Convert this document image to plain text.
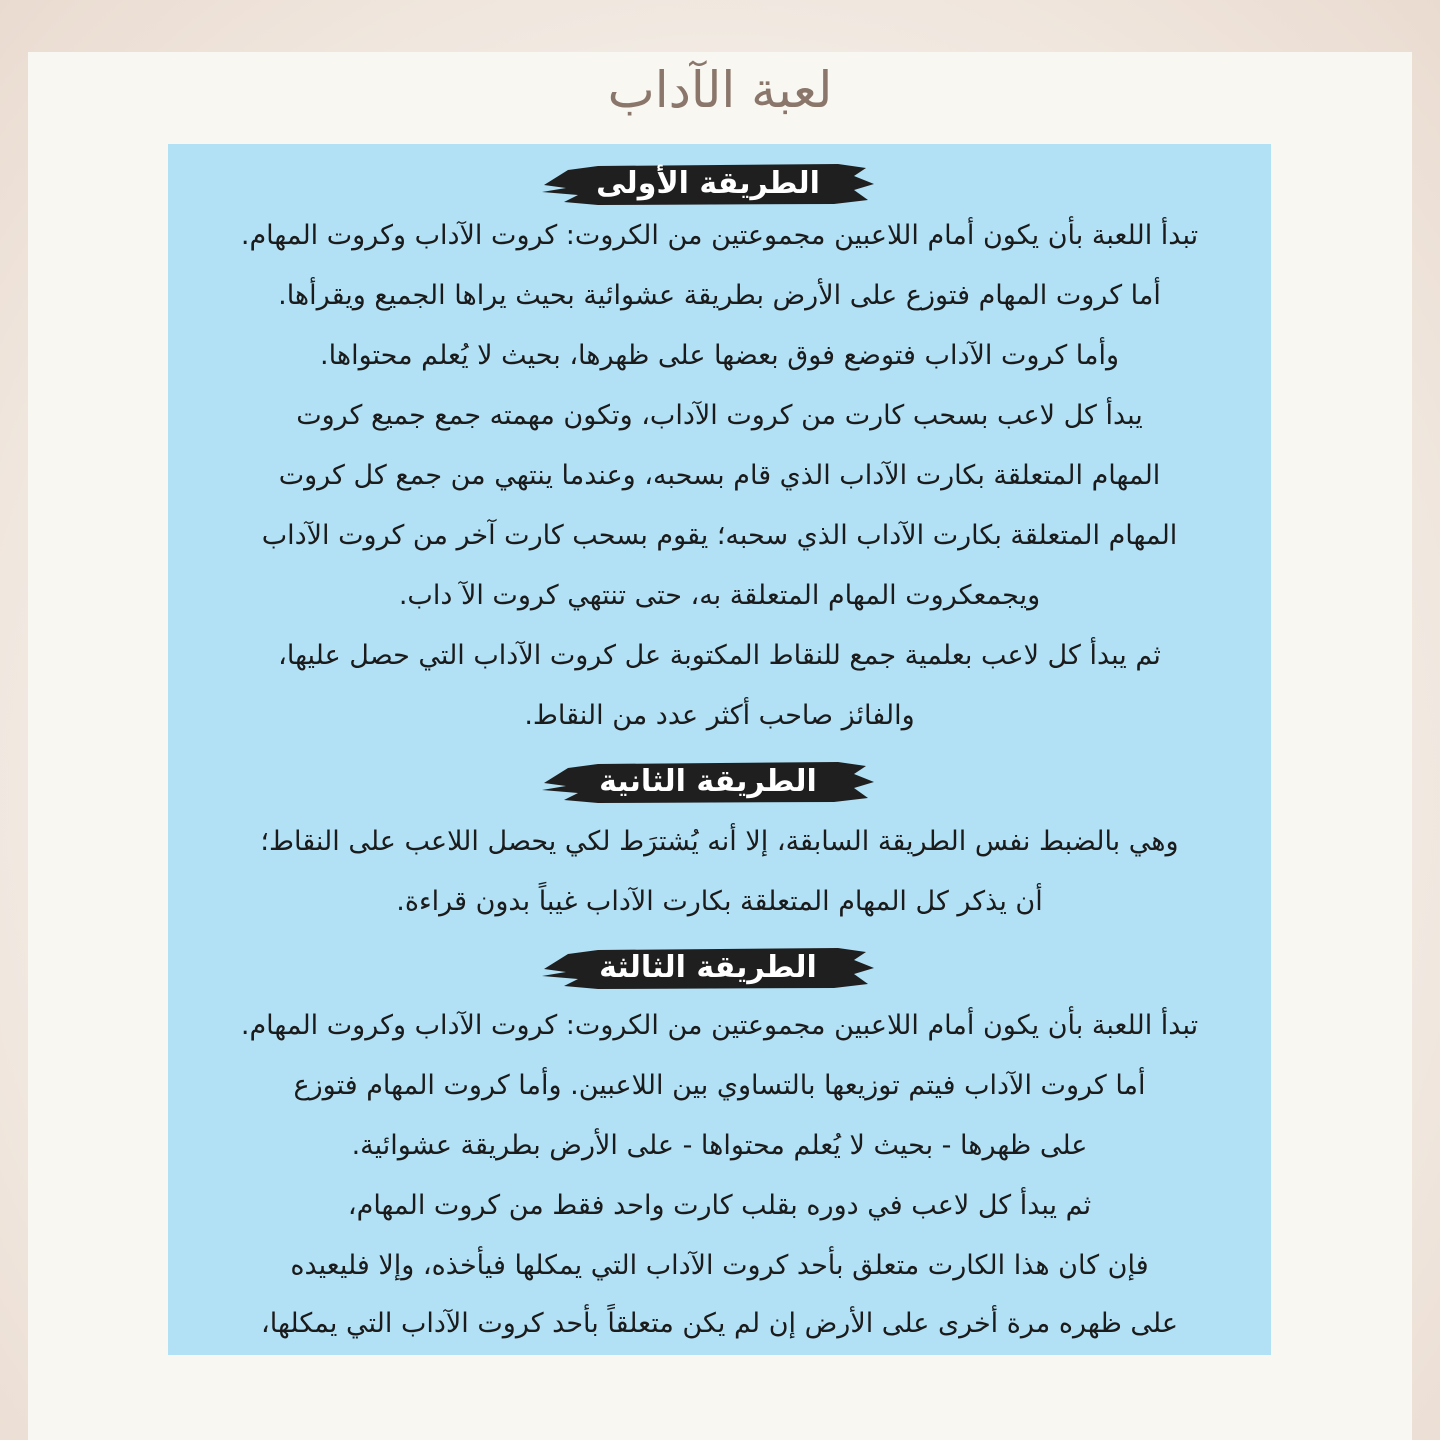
لعبة الآداب
الطريقة الأولى
تبدأ اللعبة بأن يكون أمام اللاعبين مجموعتين من الكروت: كروت الآداب وكروت المهام.
أما كروت المهام فتوزع على الأرض بطريقة عشوائية بحيث يراها الجميع ويقرأها.
وأما كروت الآداب فتوضع فوق بعضها على ظهرها، بحيث لا يُعلم محتواها.
يبدأ كل لاعب بسحب كارت من كروت الآداب، وتكون مهمته جمع جميع كروت
المهام المتعلقة بكارت الآداب الذي قام بسحبه، وعندما ينتهي من جمع كل كروت
المهام المتعلقة بكارت الآداب الذي سحبه؛ يقوم بسحب كارت آخر من كروت الآداب
ويجمعكروت المهام المتعلقة به، حتى تنتهي كروت الآ داب.
ثم يبدأ كل لاعب بعلمية جمع للنقاط المكتوبة عل كروت الآداب التي حصل عليها،
والفائز صاحب أكثر عدد من النقاط.
الطريقة الثانية
وهي بالضبط نفس الطريقة السابقة، إلا أنه يُشترَط لكي يحصل اللاعب على النقاط؛
أن يذكر كل المهام المتعلقة بكارت الآداب غيباً بدون قراءة.
الطريقة الثالثة
تبدأ اللعبة بأن يكون أمام اللاعبين مجموعتين من الكروت: كروت الآداب وكروت المهام.
أما كروت الآداب فيتم توزيعها بالتساوي بين اللاعبين. وأما كروت المهام فتوزع
على ظهرها - بحيث لا يُعلم محتواها - على الأرض بطريقة عشوائية.
ثم يبدأ كل لاعب في دوره بقلب كارت واحد فقط من كروت المهام،
فإن كان هذا الكارت متعلق بأحد كروت الآداب التي يمكلها فيأخذه، وإلا فليعيده
على ظهره مرة أخرى على الأرض إن لم يكن متعلقاً بأحد كروت الآداب التي يمكلها،
